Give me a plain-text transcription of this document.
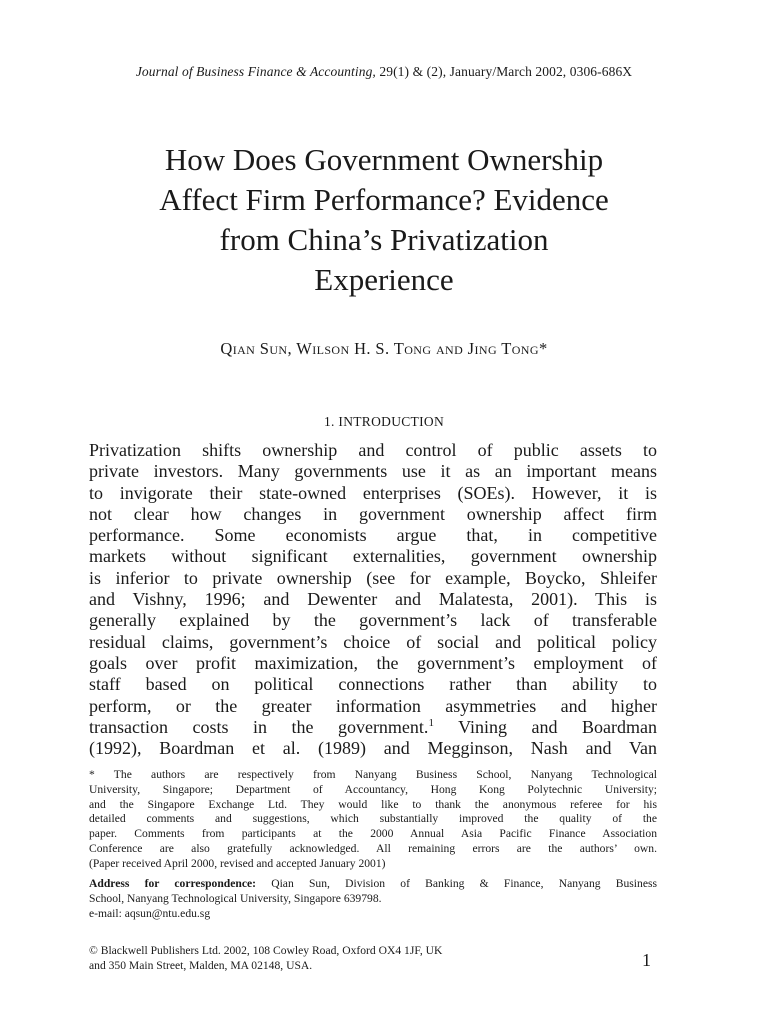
Journal of Business Finance & Accounting, 29(1) & (2), January/March 2002, 0306-686X
How Does Government Ownership
Affect Firm Performance? Evidence
from China’s Privatization
Experience
Qian Sun, Wilson H. S. Tong and Jing Tong*
1. INTRODUCTION
Privatization shifts ownership and control of public assets to
private investors. Many governments use it as an important means
to invigorate their state-owned enterprises (SOEs). However, it is
not clear how changes in government ownership affect firm
performance. Some economists argue that, in competitive
markets without significant externalities, government ownership
is inferior to private ownership (see for example, Boycko, Shleifer
and Vishny, 1996; and Dewenter and Malatesta, 2001). This is
generally explained by the government’s lack of transferable
residual claims, government’s choice of social and political policy
goals over profit maximization, the government’s employment of
staff based on political connections rather than ability to
perform, or the greater information asymmetries and higher
transaction costs in the government.$^1$ Vining and Boardman
(1992), Boardman et al. (1989) and Megginson, Nash and Van
* The authors are respectively from Nanyang Business School, Nanyang Technological
University, Singapore; Department of Accountancy, Hong Kong Polytechnic University;
and the Singapore Exchange Ltd. They would like to thank the anonymous referee for his
detailed comments and suggestions, which substantially improved the quality of the
paper. Comments from participants at the 2000 Annual Asia Pacific Finance Association
Conference are also gratefully acknowledged. All remaining errors are the authors’ own.
(Paper received April 2000, revised and accepted January 2001)
Address for correspondence: Qian Sun, Division of Banking & Finance, Nanyang Business
School, Nanyang Technological University, Singapore 639798.
e-mail: aqsun@ntu.edu.sg
© Blackwell Publishers Ltd. 2002, 108 Cowley Road, Oxford OX4 1JF, UK
and 350 Main Street, Malden, MA 02148, USA.	1
